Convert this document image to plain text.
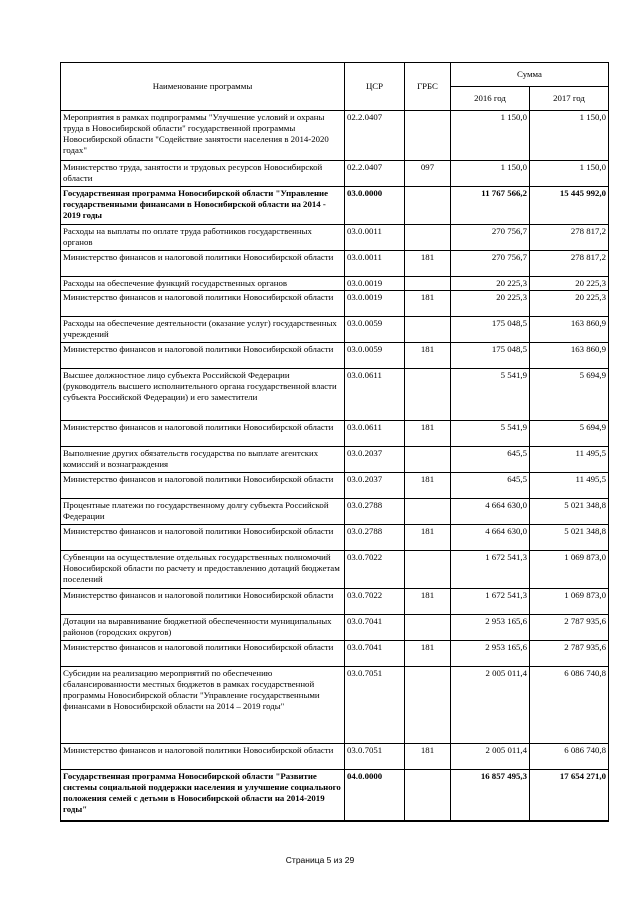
Наименование программы	ЦСР	ГРБС	Сумма	
			2016 год	2017 год
Мероприятия в рамках подпрограммы "Улучшение условий и охраны труда в Новосибирской области" государственной программы Новосибирской области "Содействие занятости населения в 2014-2020 годах"	02.2.0407		1 150,0	1 150,0
Министерство труда, занятости и трудовых ресурсов Новосибирской области	02.2.0407	097	1 150,0	1 150,0
Государственная программа Новосибирской области "Управление государственными финансами в Новосибирской области на 2014 - 2019 годы	03.0.0000		11 767 566,2	15 445 992,0
Расходы на выплаты по оплате труда работников государственных органов	03.0.0011		270 756,7	278 817,2
Министерство финансов и налоговой политики Новосибирской области	03.0.0011	181	270 756,7	278 817,2
Расходы на обеспечение функций государственных органов	03.0.0019		20 225,3	20 225,3
Министерство финансов и налоговой политики Новосибирской области	03.0.0019	181	20 225,3	20 225,3
Расходы на обеспечение деятельности (оказание услуг) государственных учреждений	03.0.0059		175 048,5	163 860,9
Министерство финансов и налоговой политики Новосибирской области	03.0.0059	181	175 048,5	163 860,9
Высшее должностное лицо субъекта Российской Федерации (руководитель высшего исполнительного органа государственной власти субъекта Российской Федерации) и его заместители	03.0.0611		5 541,9	5 694,9
Министерство финансов и налоговой политики Новосибирской области	03.0.0611	181	5 541,9	5 694,9
Выполнение других обязательств государства по выплате агентских комиссий и вознаграждения	03.0.2037		645,5	11 495,5
Министерство финансов и налоговой политики Новосибирской области	03.0.2037	181	645,5	11 495,5
Процентные платежи по государственному долгу субъекта Российской Федерации	03.0.2788		4 664 630,0	5 021 348,8
Министерство финансов и налоговой политики Новосибирской области	03.0.2788	181	4 664 630,0	5 021 348,8
Субвенции на осуществление отдельных государственных полномочий Новосибирской области по расчету и предоставлению дотаций бюджетам поселений	03.0.7022		1 672 541,3	1 069 873,0
Министерство финансов и налоговой политики Новосибирской области	03.0.7022	181	1 672 541,3	1 069 873,0
Дотации на выравнивание бюджетной обеспеченности муниципальных районов (городских округов)	03.0.7041		2 953 165,6	2 787 935,6
Министерство финансов и налоговой политики Новосибирской области	03.0.7041	181	2 953 165,6	2 787 935,6
Субсидии на реализацию мероприятий по обеспечению сбалансированности местных бюджетов в рамках государственной программы Новосибирской области "Управление государственными финансами в Новосибирской области на 2014 – 2019 годы"	03.0.7051		2 005 011,4	6 086 740,8
Министерство финансов и налоговой политики Новосибирской области	03.0.7051	181	2 005 011,4	6 086 740,8
Государственная программа Новосибирской области "Развитие системы социальной поддержки населения и улучшение социального положения семей с детьми в Новосибирской области на 2014-2019 годы"	04.0.0000		16 857 495,3	17 654 271,0
Страница 5 из 29
